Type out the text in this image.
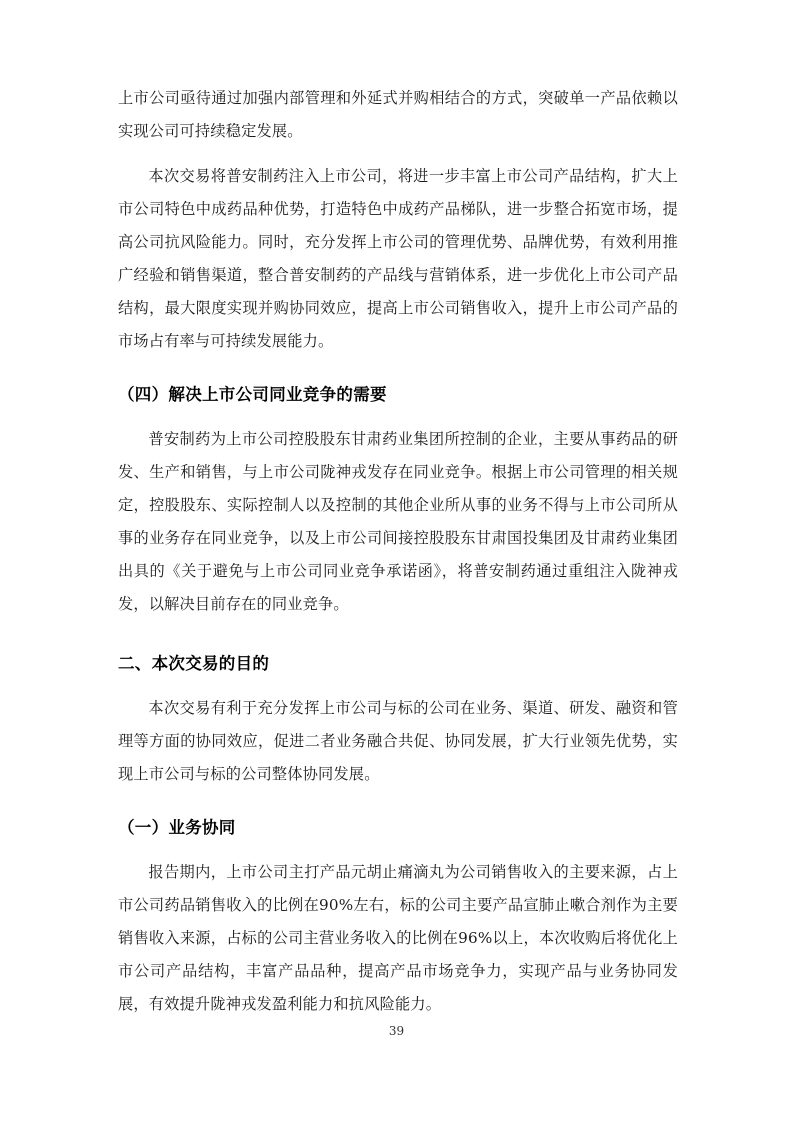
上市公司亟待通过加强内部管理和外延式并购相结合的方式，突破单一产品依赖以实现公司可持续稳定发展。

本次交易将普安制药注入上市公司，将进一步丰富上市公司产品结构，扩大上市公司特色中成药品种优势，打造特色中成药产品梯队，进一步整合拓宽市场，提高公司抗风险能力。同时，充分发挥上市公司的管理优势、品牌优势，有效利用推广经验和销售渠道，整合普安制药的产品线与营销体系，进一步优化上市公司产品结构，最大限度实现并购协同效应，提高上市公司销售收入，提升上市公司产品的市场占有率与可持续发展能力。

（四）解决上市公司同业竞争的需要

普安制药为上市公司控股股东甘肃药业集团所控制的企业，主要从事药品的研发、生产和销售，与上市公司陇神戎发存在同业竞争。根据上市公司管理的相关规定，控股股东、实际控制人以及控制的其他企业所从事的业务不得与上市公司所从事的业务存在同业竞争，以及上市公司间接控股股东甘肃国投集团及甘肃药业集团出具的《关于避免与上市公司同业竞争承诺函》，将普安制药通过重组注入陇神戎发，以解决目前存在的同业竞争。

二、本次交易的目的

本次交易有利于充分发挥上市公司与标的公司在业务、渠道、研发、融资和管理等方面的协同效应，促进二者业务融合共促、协同发展，扩大行业领先优势，实现上市公司与标的公司整体协同发展。

（一）业务协同

报告期内，上市公司主打产品元胡止痛滴丸为公司销售收入的主要来源，占上市公司药品销售收入的比例在90%左右，标的公司主要产品宣肺止嗽合剂作为主要销售收入来源，占标的公司主营业务收入的比例在96%以上，本次收购后将优化上市公司产品结构，丰富产品品种，提高产品市场竞争力，实现产品与业务协同发展，有效提升陇神戎发盈利能力和抗风险能力。

39
